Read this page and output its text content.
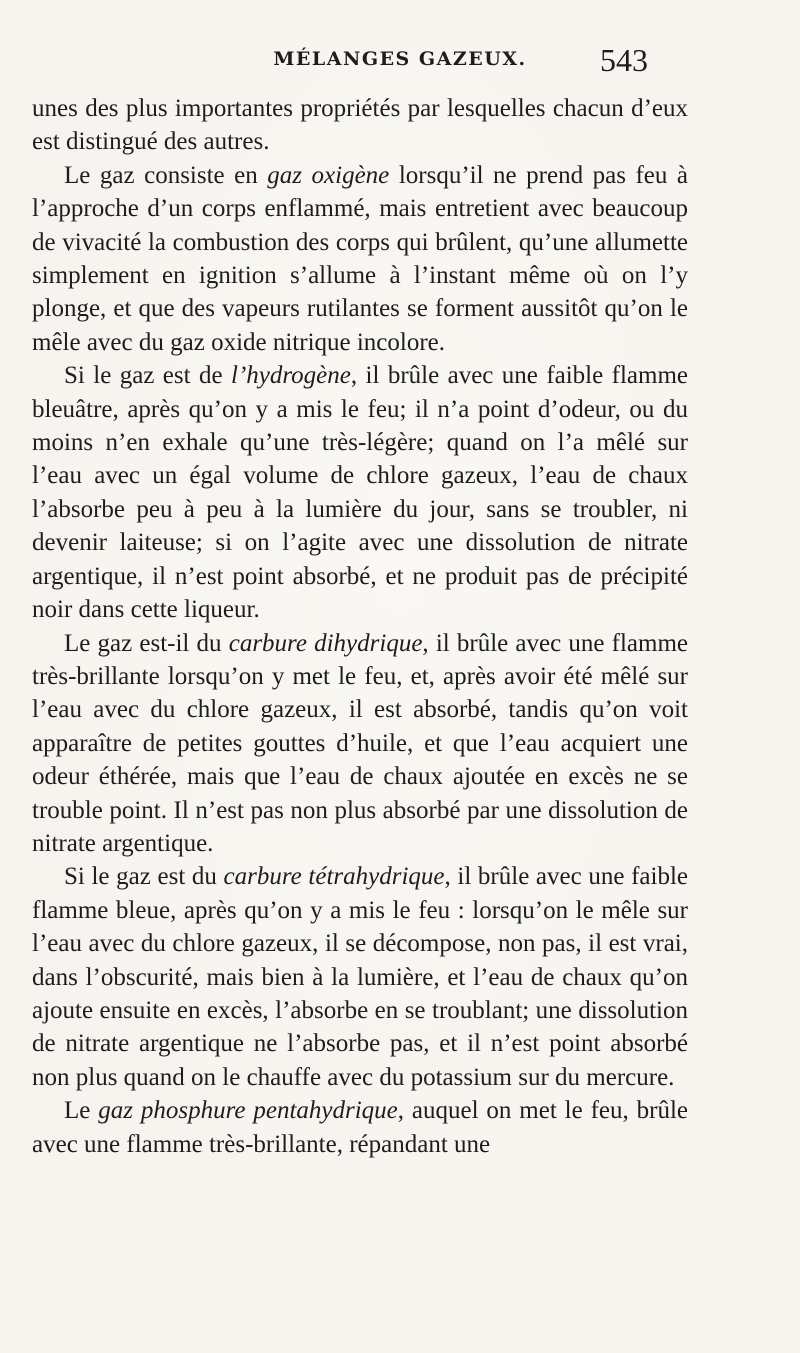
MÉLANGES GAZEUX.	543

unes des plus importantes propriétés par lesquelles chacun d’eux est distingué des autres.

Le gaz consiste en gaz oxigène lorsqu’il ne prend pas feu à l’approche d’un corps enflammé, mais entretient avec beaucoup de vivacité la combustion des corps qui brûlent, qu’une allumette simplement en ignition s’allume à l’instant même où on l’y plonge, et que des vapeurs rutilantes se forment aussitôt qu’on le mêle avec du gaz oxide nitrique incolore.

Si le gaz est de l’hydrogène, il brûle avec une faible flamme bleuâtre, après qu’on y a mis le feu; il n’a point d’odeur, ou du moins n’en exhale qu’une très-légère; quand on l’a mêlé sur l’eau avec un égal volume de chlore gazeux, l’eau de chaux l’absorbe peu à peu à la lumière du jour, sans se troubler, ni devenir laiteuse; si on l’agite avec une dissolution de nitrate argentique, il n’est point absorbé, et ne produit pas de précipité noir dans cette liqueur.

Le gaz est-il du carbure dihydrique, il brûle avec une flamme très-brillante lorsqu’on y met le feu, et, après avoir été mêlé sur l’eau avec du chlore gazeux, il est absorbé, tandis qu’on voit apparaître de petites gouttes d’huile, et que l’eau acquiert une odeur éthérée, mais que l’eau de chaux ajoutée en excès ne se trouble point. Il n’est pas non plus absorbé par une dissolution de nitrate argentique.

Si le gaz est du carbure tétrahydrique, il brûle avec une faible flamme bleue, après qu’on y a mis le feu : lorsqu’on le mêle sur l’eau avec du chlore gazeux, il se décompose, non pas, il est vrai, dans l’obscurité, mais bien à la lumière, et l’eau de chaux qu’on ajoute ensuite en excès, l’absorbe en se troublant; une dissolution de nitrate argentique ne l’absorbe pas, et il n’est point absorbé non plus quand on le chauffe avec du potassium sur du mercure.

Le gaz phosphure pentahydrique, auquel on met le feu, brûle avec une flamme très-brillante, répandant une
